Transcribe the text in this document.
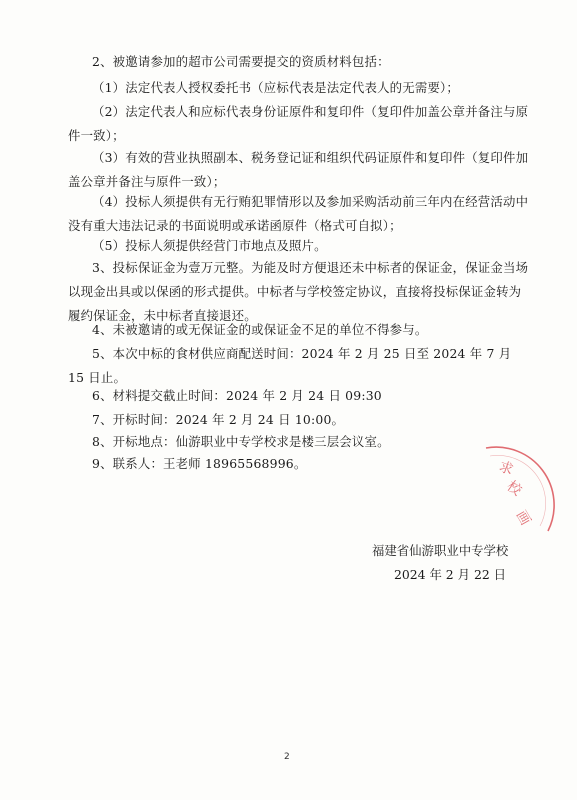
2、被邀请参加的超市公司需要提交的资质材料包括：

（1）法定代表人授权委托书（应标代表是法定代表人的无需要）；

（2）法定代表人和应标代表身份证原件和复印件（复印件加盖公章并备注与原件一致）；

（3）有效的营业执照副本、税务登记证和组织代码证原件和复印件（复印件加盖公章并备注与原件一致）；

（4）投标人须提供有无行贿犯罪情形以及参加采购活动前三年内在经营活动中没有重大违法记录的书面说明或承诺函原件（格式可自拟）；

（5）投标人须提供经营门市地点及照片。

3、投标保证金为壹万元整。为能及时方便退还未中标者的保证金，保证金当场以现金出具或以保函的形式提供。中标者与学校签定协议，直接将投标保证金转为履约保证金，未中标者直接退还。

4、未被邀请的或无保证金的或保证金不足的单位不得参与。

5、本次中标的食材供应商配送时间：2024 年 2 月 25 日至 2024 年 7 月 15 日止。

6、材料提交截止时间：2024 年 2 月 24 日 09:30

7、开标时间：2024 年 2 月 24 日 10:00。

8、开标地点：仙游职业中专学校求是楼三层会议室。

9、联系人：王老师 18965568996。	求
校
画

福建省仙游职业中专学校

2024 年 2 月 22 日

2
